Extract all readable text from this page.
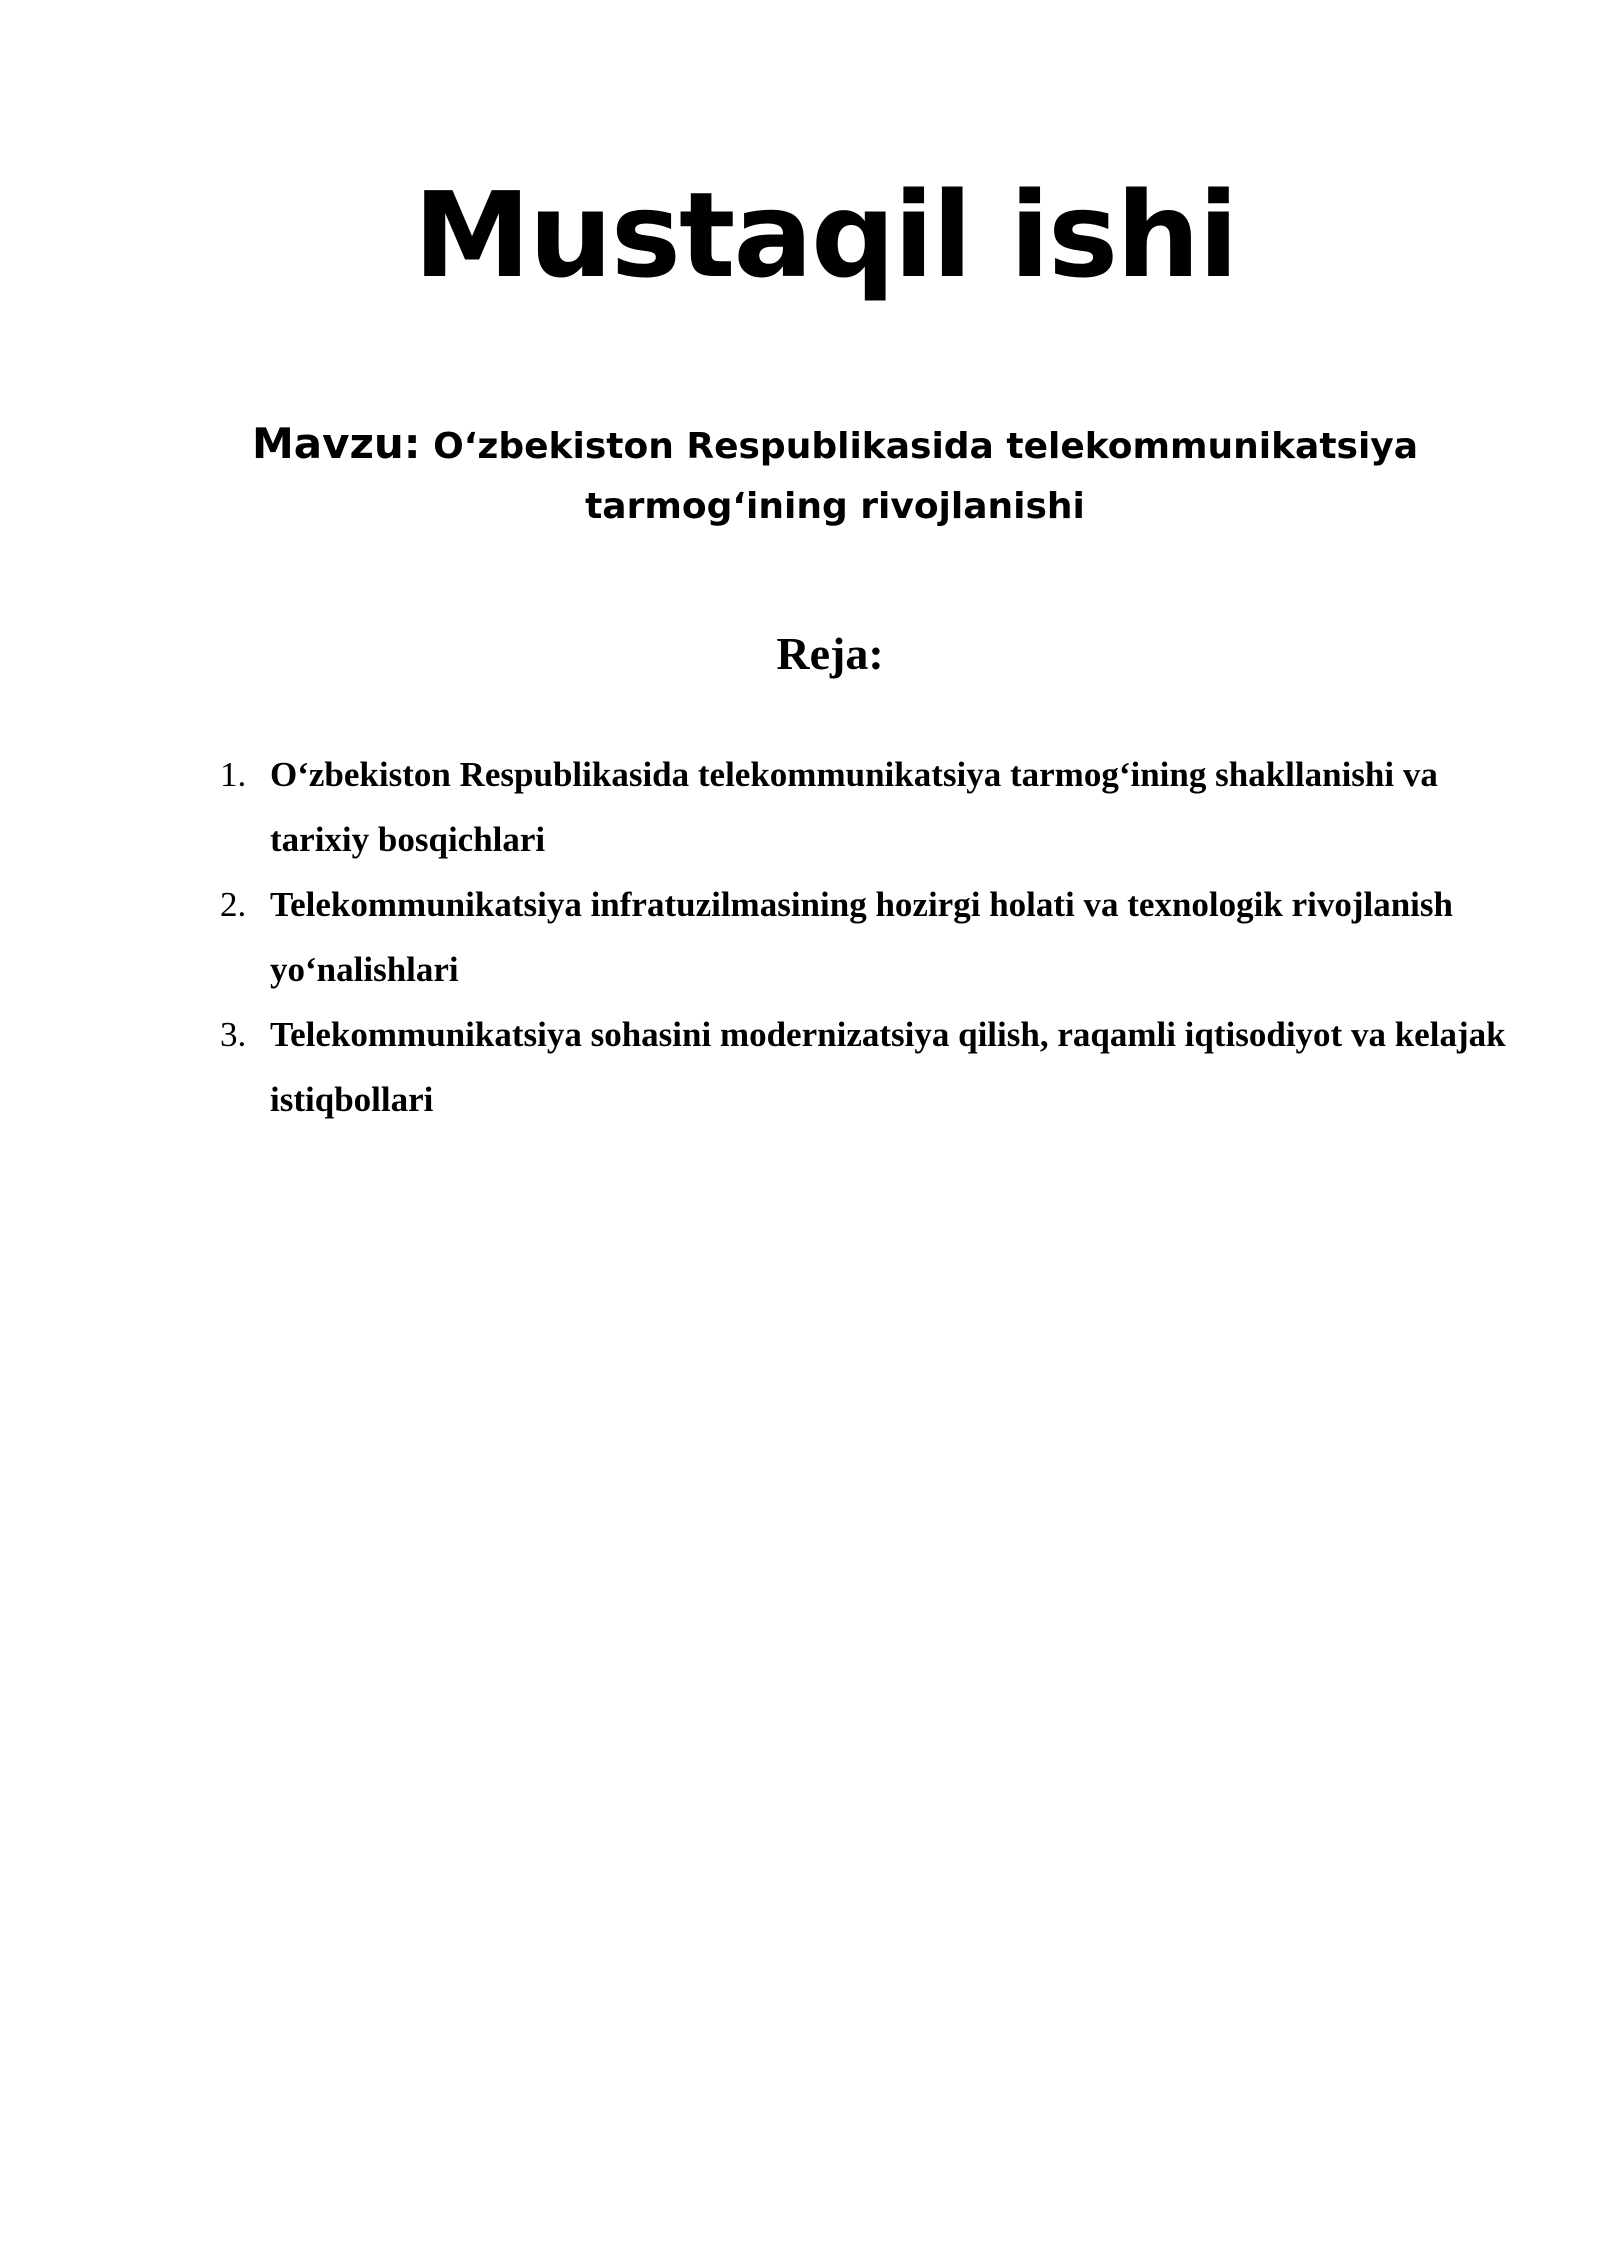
Mustaqil ishi

Mavzu: O‘zbekiston Respublikasida telekommunikatsiya tarmog‘ining rivojlanishi

Reja:
1. O‘zbekiston Respublikasida telekommunikatsiya tarmog‘ining shakllanishi va tarixiy bosqichlari
2. Telekommunikatsiya infratuzilmasining hozirgi holati va texnologik rivojlanish yo‘nalishlari
3. Telekommunikatsiya sohasini modernizatsiya qilish, raqamli iqtisodiyot va kelajak istiqbollari
